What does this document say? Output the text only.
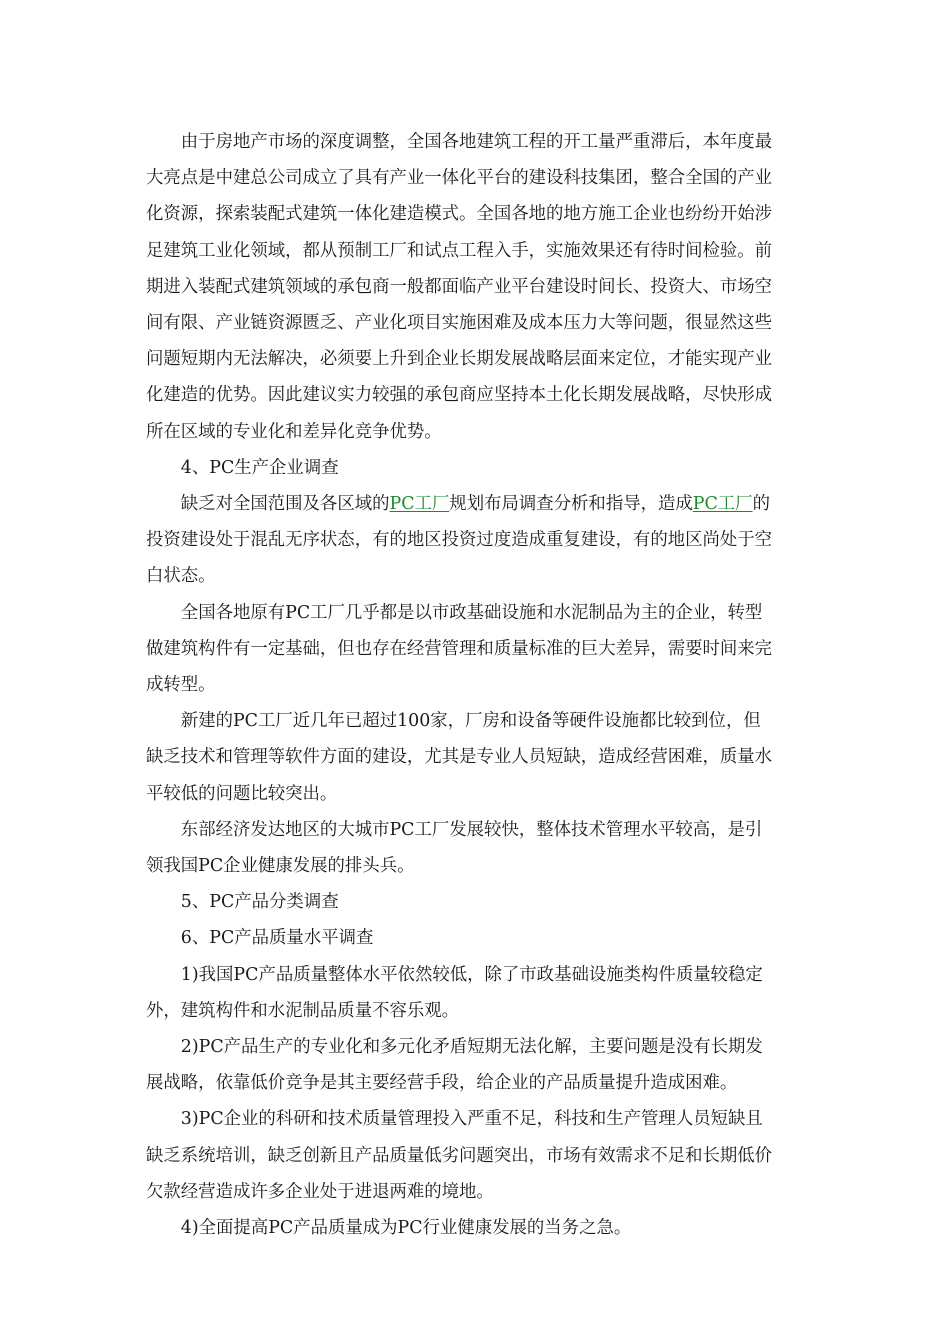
由于房地产市场的深度调整，全国各地建筑工程的开工量严重滞后，本年度最
大亮点是中建总公司成立了具有产业一体化平台的建设科技集团，整合全国的产业
化资源，探索装配式建筑一体化建造模式。全国各地的地方施工企业也纷纷开始涉
足建筑工业化领域，都从预制工厂和试点工程入手，实施效果还有待时间检验。前
期进入装配式建筑领域的承包商一般都面临产业平台建设时间长、投资大、市场空
间有限、产业链资源匮乏、产业化项目实施困难及成本压力大等问题，很显然这些
问题短期内无法解决，必须要上升到企业长期发展战略层面来定位，才能实现产业
化建造的优势。因此建议实力较强的承包商应坚持本土化长期发展战略，尽快形成
所在区域的专业化和差异化竞争优势。
4、PC生产企业调查
缺乏对全国范围及各区域的PC工厂规划布局调查分析和指导，造成PC工厂的
投资建设处于混乱无序状态，有的地区投资过度造成重复建设，有的地区尚处于空
白状态。
全国各地原有PC工厂几乎都是以市政基础设施和水泥制品为主的企业，转型
做建筑构件有一定基础，但也存在经营管理和质量标准的巨大差异，需要时间来完
成转型。
新建的PC工厂近几年已超过100家，厂房和设备等硬件设施都比较到位，但
缺乏技术和管理等软件方面的建设，尤其是专业人员短缺，造成经营困难，质量水
平较低的问题比较突出。
东部经济发达地区的大城市PC工厂发展较快，整体技术管理水平较高，是引
领我国PC企业健康发展的排头兵。
5、PC产品分类调查
6、PC产品质量水平调查
1)我国PC产品质量整体水平依然较低，除了市政基础设施类构件质量较稳定
外，建筑构件和水泥制品质量不容乐观。
2)PC产品生产的专业化和多元化矛盾短期无法化解，主要问题是没有长期发
展战略，依靠低价竞争是其主要经营手段，给企业的产品质量提升造成困难。
3)PC企业的科研和技术质量管理投入严重不足，科技和生产管理人员短缺且
缺乏系统培训，缺乏创新且产品质量低劣问题突出，市场有效需求不足和长期低价
欠款经营造成许多企业处于进退两难的境地。
4)全面提高PC产品质量成为PC行业健康发展的当务之急。
